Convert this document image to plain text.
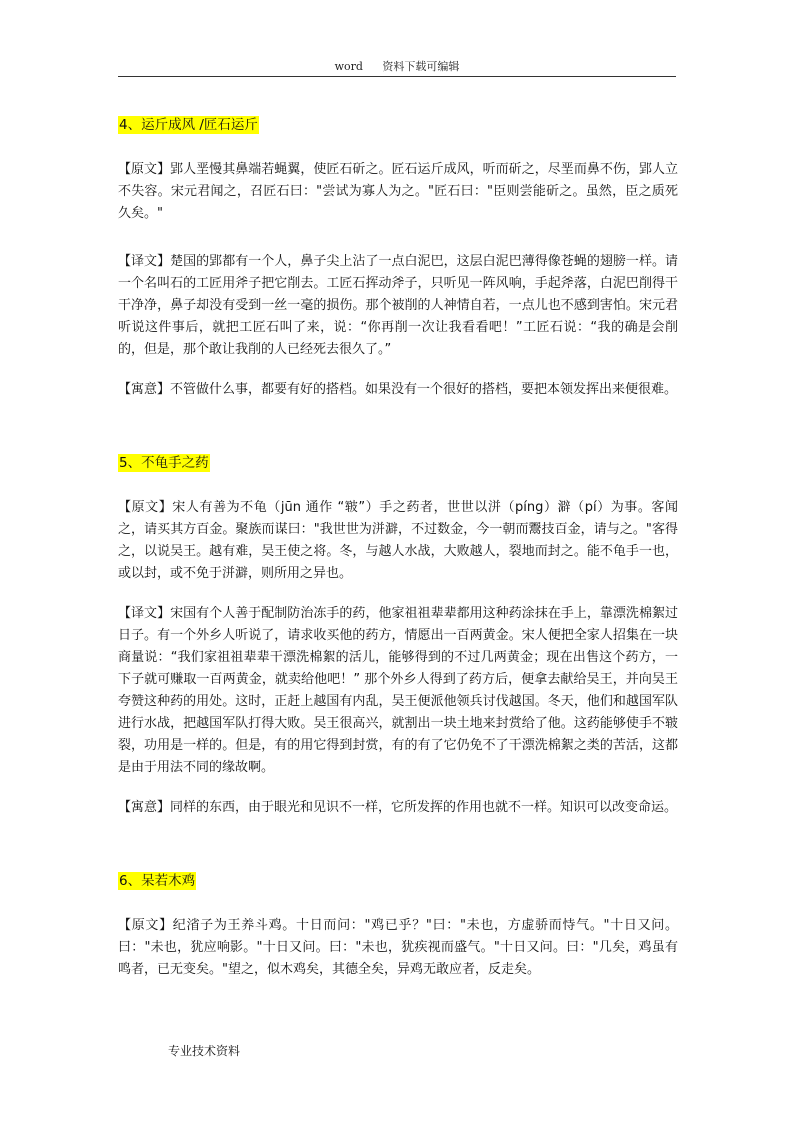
word 资料下载可编辑
4、运斤成风 /匠石运斤

【原文】郢人垩慢其鼻端若蝇翼，使匠石斫之。匠石运斤成风，听而斫之，尽垩而鼻不伤，郢人立不失容。宋元君闻之，召匠石曰："尝试为寡人为之。"匠石曰："臣则尝能斫之。虽然，臣之质死久矣。"

【译文】楚国的郢都有一个人，鼻子尖上沾了一点白泥巴，这层白泥巴薄得像苍蝇的翅膀一样。请一个名叫石的工匠用斧子把它削去。工匠石挥动斧子，只听见一阵风响，手起斧落，白泥巴削得干干净净，鼻子却没有受到一丝一毫的损伤。那个被削的人神情自若，一点儿也不感到害怕。宋元君听说这件事后，就把工匠石叫了来，说：“你再削一次让我看看吧！”工匠石说：“我的确是会削的，但是，那个敢让我削的人已经死去很久了。”

【寓意】不管做什么事，都要有好的搭档。如果没有一个很好的搭档，要把本领发挥出来便很难。

5、不龟手之药

【原文】宋人有善为不龟（jūn 通作 “皲”）手之药者，世世以洴（píng）澼（pí）为事。客闻之，请买其方百金。聚族而谋曰："我世世为洴澼，不过数金，今一朝而鬻技百金，请与之。"客得之，以说吴王。越有难，吴王使之将。冬，与越人水战，大败越人，裂地而封之。能不龟手一也，或以封，或不免于洴澼，则所用之异也。

【译文】宋国有个人善于配制防治冻手的药，他家祖祖辈辈都用这种药涂抹在手上，靠漂洗棉絮过日子。有一个外乡人听说了，请求收买他的药方，情愿出一百两黄金。宋人便把全家人招集在一块商量说：“我们家祖祖辈辈干漂洗棉絮的活儿，能够得到的不过几两黄金；现在出售这个药方，一下子就可赚取一百两黄金，就卖给他吧！” 那个外乡人得到了药方后，便拿去献给吴王，并向吴王夸赞这种药的用处。这时，正赶上越国有内乱，吴王便派他领兵讨伐越国。冬天，他们和越国军队进行水战，把越国军队打得大败。吴王很高兴，就割出一块土地来封赏给了他。这药能够使手不皲裂，功用是一样的。但是，有的用它得到封赏，有的有了它仍免不了干漂洗棉絮之类的苦活，这都是由于用法不同的缘故啊。

【寓意】同样的东西，由于眼光和见识不一样，它所发挥的作用也就不一样。知识可以改变命运。

6、呆若木鸡

【原文】纪渻子为王养斗鸡。十日而问："鸡已乎？"曰："未也，方虚骄而恃气。"十日又问。曰："未也，犹应响影。"十日又问。曰："未也，犹疾视而盛气。"十日又问。曰："几矣，鸡虽有鸣者，已无变矣。"望之，似木鸡矣，其德全矣，异鸡无敢应者，反走矣。

专业技术资料
